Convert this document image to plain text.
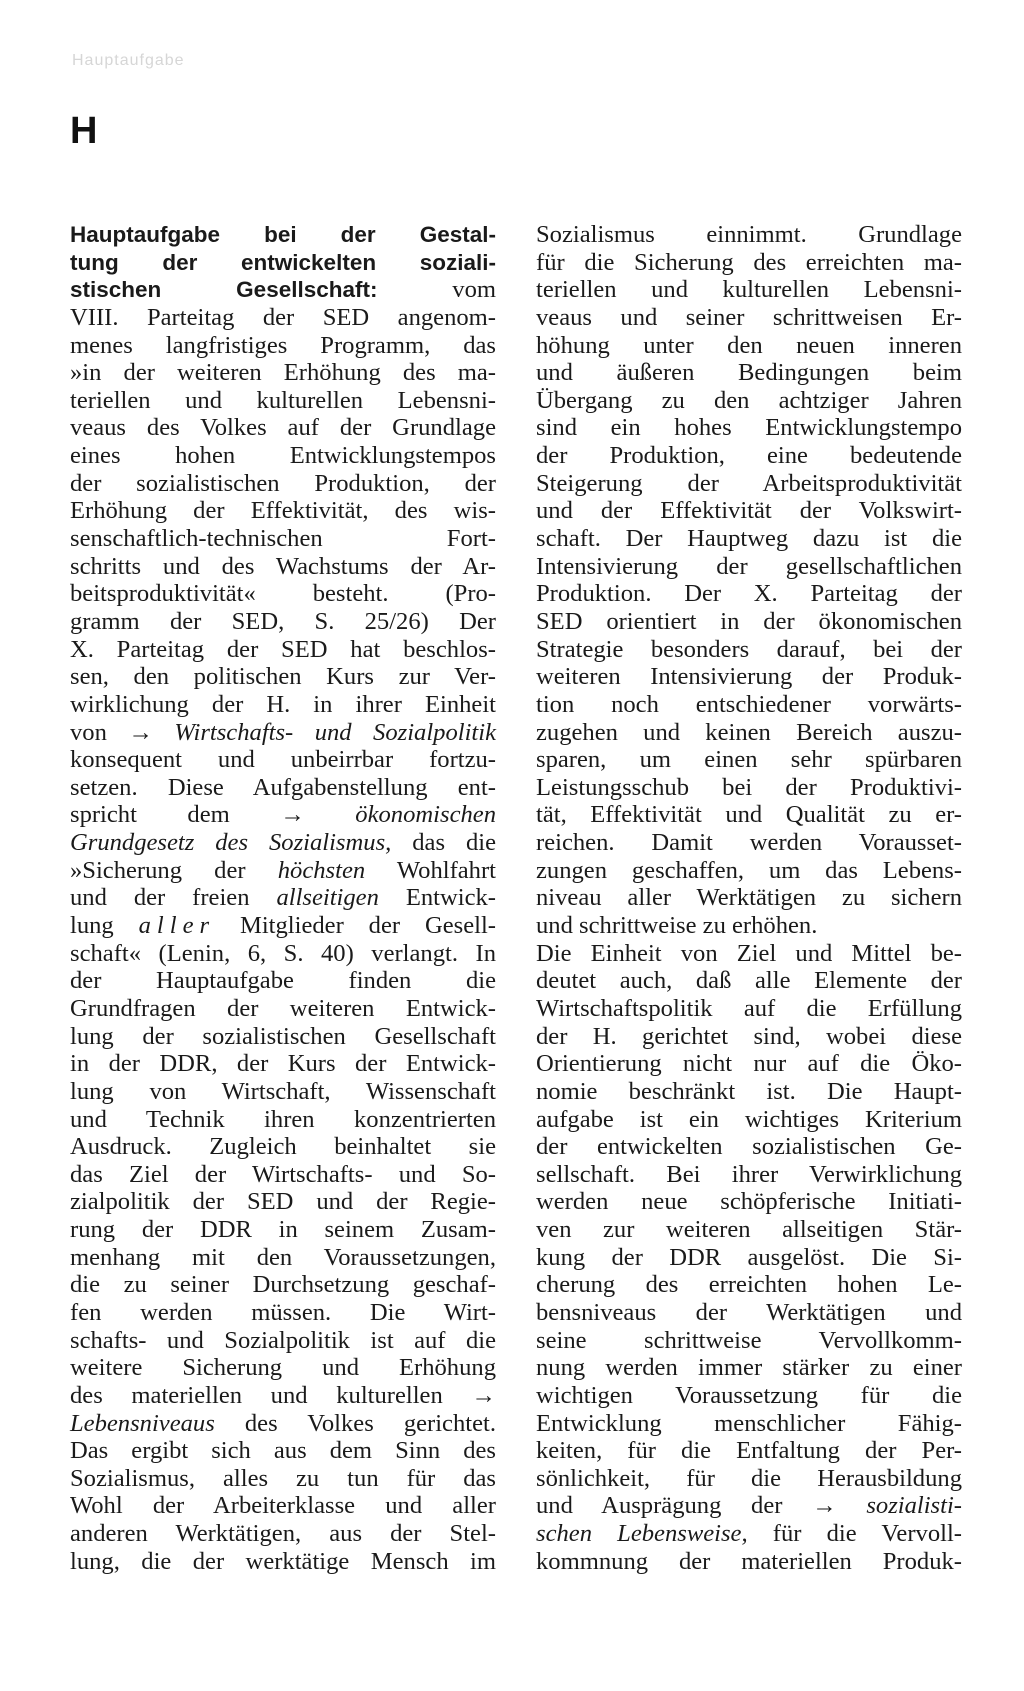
Hauptaufgabe
H
Hauptaufgabe bei der Gestal-
tung der entwickelten soziali-
stischen Gesellschaft: vom
VIII. Parteitag der SED angenom-
menes langfristiges Programm, das
»in der weiteren Erhöhung des ma-
teriellen und kulturellen Lebensni-
veaus des Volkes auf der Grundlage
eines hohen Entwicklungstempos
der sozialistischen Produktion, der
Erhöhung der Effektivität, des wis-
senschaftlich-technischen Fort-
schritts und des Wachstums der Ar-
beitsproduktivität« besteht. (Pro-
gramm der SED, S. 25/26) Der
X. Parteitag der SED hat beschlos-
sen, den politischen Kurs zur Ver-
wirklichung der H. in ihrer Einheit
von → Wirtschafts- und Sozialpolitik
konsequent und unbeirrbar fortzu-
setzen. Diese Aufgabenstellung ent-
spricht dem → ökonomischen
Grundgesetz des Sozialismus, das die
»Sicherung der höchsten Wohlfahrt
und der freien allseitigen Entwick-
lung aller Mitglieder der Gesell-
schaft« (Lenin, 6, S. 40) verlangt. In
der Hauptaufgabe finden die
Grundfragen der weiteren Entwick-
lung der sozialistischen Gesellschaft
in der DDR, der Kurs der Entwick-
lung von Wirtschaft, Wissenschaft
und Technik ihren konzentrierten
Ausdruck. Zugleich beinhaltet sie
das Ziel der Wirtschafts- und So-
zialpolitik der SED und der Regie-
rung der DDR in seinem Zusam-
menhang mit den Voraussetzungen,
die zu seiner Durchsetzung geschaf-
fen werden müssen. Die Wirt-
schafts- und Sozialpolitik ist auf die
weitere Sicherung und Erhöhung
des materiellen und kulturellen →
Lebensniveaus des Volkes gerichtet.
Das ergibt sich aus dem Sinn des
Sozialismus, alles zu tun für das
Wohl der Arbeiterklasse und aller
anderen Werktätigen, aus der Stel-
lung, die der werktätige Mensch im
Sozialismus einnimmt. Grundlage
für die Sicherung des erreichten ma-
teriellen und kulturellen Lebensni-
veaus und seiner schrittweisen Er-
höhung unter den neuen inneren
und äußeren Bedingungen beim
Übergang zu den achtziger Jahren
sind ein hohes Entwicklungstempo
der Produktion, eine bedeutende
Steigerung der Arbeitsproduktivität
und der Effektivität der Volkswirt-
schaft. Der Hauptweg dazu ist die
Intensivierung der gesellschaftlichen
Produktion. Der X. Parteitag der
SED orientiert in der ökonomischen
Strategie besonders darauf, bei der
weiteren Intensivierung der Produk-
tion noch entschiedener vorwärts-
zugehen und keinen Bereich auszu-
sparen, um einen sehr spürbaren
Leistungsschub bei der Produktivi-
tät, Effektivität und Qualität zu er-
reichen. Damit werden Vorausset-
zungen geschaffen, um das Lebens-
niveau aller Werktätigen zu sichern
und schrittweise zu erhöhen.
Die Einheit von Ziel und Mittel be-
deutet auch, daß alle Elemente der
Wirtschaftspolitik auf die Erfüllung
der H. gerichtet sind, wobei diese
Orientierung nicht nur auf die Öko-
nomie beschränkt ist. Die Haupt-
aufgabe ist ein wichtiges Kriterium
der entwickelten sozialistischen Ge-
sellschaft. Bei ihrer Verwirklichung
werden neue schöpferische Initiati-
ven zur weiteren allseitigen Stär-
kung der DDR ausgelöst. Die Si-
cherung des erreichten hohen Le-
bensniveaus der Werktätigen und
seine schrittweise Vervollkomm-
nung werden immer stärker zu einer
wichtigen Voraussetzung für die
Entwicklung menschlicher Fähig-
keiten, für die Entfaltung der Per-
sönlichkeit, für die Herausbildung
und Ausprägung der → sozialisti-
schen Lebensweise, für die Vervoll-
kommnung der materiellen Produk-
